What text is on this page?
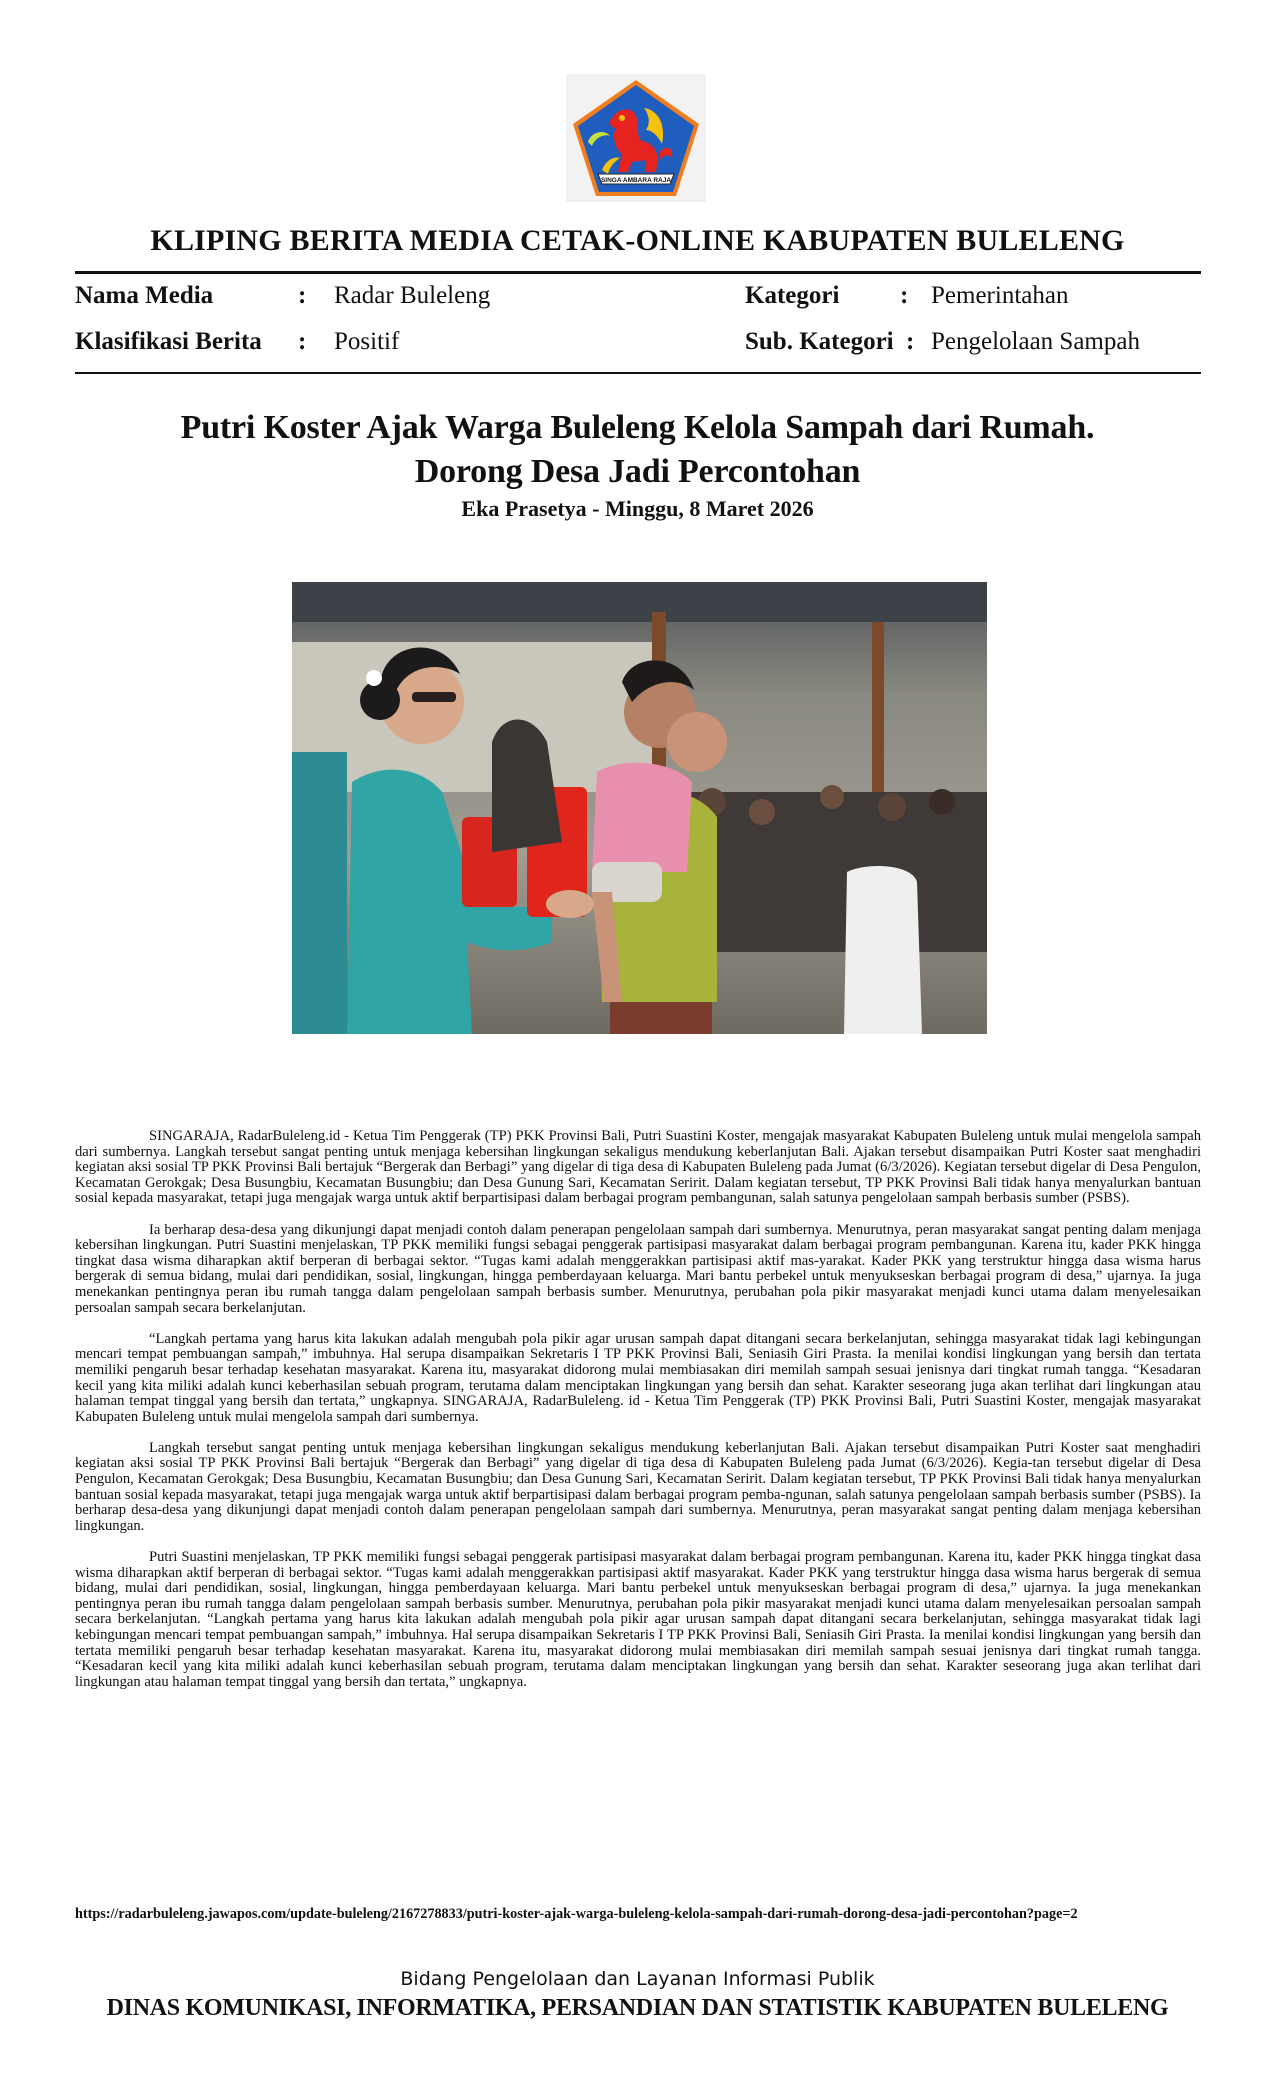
SINGA AMBARA RAJA
KLIPING BERITA MEDIA CETAK-ONLINE KABUPATEN BULELENG
Nama Media	: Radar Buleleng	Kategori : Pemerintahan
Klasifikasi Berita : Positif	Sub. Kategori : Pengelolaan Sampah
Putri Koster Ajak Warga Buleleng Kelola Sampah dari Rumah.
Dorong Desa Jadi Percontohan
Eka Prasetya - Minggu, 8 Maret 2026

SINGARAJA, RadarBuleleng.id - Ketua Tim Penggerak (TP) PKK Provinsi Bali, Putri Suastini Koster, mengajak masyarakat Kabupaten Buleleng untuk mulai mengelola sampah dari sumbernya. Langkah tersebut sangat penting untuk menjaga kebersihan lingkungan sekaligus mendukung keberlanjutan Bali. Ajakan tersebut disampaikan Putri Koster saat menghadiri kegiatan aksi sosial TP PKK Provinsi Bali bertajuk “Bergerak dan Berbagi” yang digelar di tiga desa di Kabupaten Buleleng pada Jumat (6/3/2026). Kegiatan tersebut digelar di Desa Pengulon, Kecamatan Gerokgak; Desa Busungbiu, Kecamatan Busungbiu; dan Desa Gunung Sari, Kecamatan Seririt. Dalam kegiatan tersebut, TP PKK Provinsi Bali tidak hanya menyalurkan bantuan sosial kepada masyarakat, tetapi juga mengajak warga untuk aktif berpartisipasi dalam berbagai program pembangunan, salah satunya pengelolaan sampah berbasis sumber (PSBS).

Ia berharap desa-desa yang dikunjungi dapat menjadi contoh dalam penerapan pengelolaan sampah dari sumbernya. Menurutnya, peran masyarakat sangat penting dalam menjaga kebersihan lingkungan. Putri Suastini menjelaskan, TP PKK memiliki fungsi sebagai penggerak partisipasi masyarakat dalam berbagai program pembangunan. Karena itu, kader PKK hingga tingkat dasa wisma diharapkan aktif berperan di berbagai sektor. “Tugas kami adalah menggerakkan partisipasi aktif mas-yarakat. Kader PKK yang terstruktur hingga dasa wisma harus bergerak di semua bidang, mulai dari pendidikan, sosial, lingkungan, hingga pemberdayaan keluarga. Mari bantu perbekel untuk menyukseskan berbagai program di desa,” ujarnya. Ia juga menekankan pentingnya peran ibu rumah tangga dalam pengelolaan sampah berbasis sumber. Menurutnya, perubahan pola pikir masyarakat menjadi kunci utama dalam menyelesaikan persoalan sampah secara berkelanjutan.

“Langkah pertama yang harus kita lakukan adalah mengubah pola pikir agar urusan sampah dapat ditangani secara berkelanjutan, sehingga masyarakat tidak lagi kebingungan mencari tempat pembuangan sampah,” imbuhnya. Hal serupa disampaikan Sekretaris I TP PKK Provinsi Bali, Seniasih Giri Prasta. Ia menilai kondisi lingkungan yang bersih dan tertata memiliki pengaruh besar terhadap kesehatan masyarakat. Karena itu, masyarakat didorong mulai membiasakan diri memilah sampah sesuai jenisnya dari tingkat rumah tangga. “Kesadaran kecil yang kita miliki adalah kunci keberhasilan sebuah program, terutama dalam menciptakan lingkungan yang bersih dan sehat. Karakter seseorang juga akan terlihat dari lingkungan atau halaman tempat tinggal yang bersih dan tertata,” ungkapnya. SINGARAJA, RadarBuleleng. id - Ketua Tim Penggerak (TP) PKK Provinsi Bali, Putri Suastini Koster, mengajak masyarakat Kabupaten Buleleng untuk mulai mengelola sampah dari sumbernya.

Langkah tersebut sangat penting untuk menjaga kebersihan lingkungan sekaligus mendukung keberlanjutan Bali. Ajakan tersebut disampaikan Putri Koster saat menghadiri kegiatan aksi sosial TP PKK Provinsi Bali bertajuk “Bergerak dan Berbagi” yang digelar di tiga desa di Kabupaten Buleleng pada Jumat (6/3/2026). Kegia-tan tersebut digelar di Desa Pengulon, Kecamatan Gerokgak; Desa Busungbiu, Kecamatan Busungbiu; dan Desa Gunung Sari, Kecamatan Seririt. Dalam kegiatan tersebut, TP PKK Provinsi Bali tidak hanya menyalurkan bantuan sosial kepada masyarakat, tetapi juga mengajak warga untuk aktif berpartisipasi dalam berbagai program pemba-ngunan, salah satunya pengelolaan sampah berbasis sumber (PSBS). Ia berharap desa-desa yang dikunjungi dapat menjadi contoh dalam penerapan pengelolaan sampah dari sumbernya. Menurutnya, peran masyarakat sangat penting dalam menjaga kebersihan lingkungan.

Putri Suastini menjelaskan, TP PKK memiliki fungsi sebagai penggerak partisipasi masyarakat dalam berbagai program pembangunan. Karena itu, kader PKK hingga tingkat dasa wisma diharapkan aktif berperan di berbagai sektor. “Tugas kami adalah menggerakkan partisipasi aktif masyarakat. Kader PKK yang terstruktur hingga dasa wisma harus bergerak di semua bidang, mulai dari pendidikan, sosial, lingkungan, hingga pemberdayaan keluarga. Mari bantu perbekel untuk menyukseskan berbagai program di desa,” ujarnya. Ia juga menekankan pentingnya peran ibu rumah tangga dalam pengelolaan sampah berbasis sumber. Menurutnya, perubahan pola pikir masyarakat menjadi kunci utama dalam menyelesaikan persoalan sampah secara berkelanjutan. “Langkah pertama yang harus kita lakukan adalah mengubah pola pikir agar urusan sampah dapat ditangani secara berkelanjutan, sehingga masyarakat tidak lagi kebingungan mencari tempat pembuangan sampah,” imbuhnya. Hal serupa disampaikan Sekretaris I TP PKK Provinsi Bali, Seniasih Giri Prasta. Ia menilai kondisi lingkungan yang bersih dan tertata memiliki pengaruh besar terhadap kesehatan masyarakat. Karena itu, masyarakat didorong mulai membiasakan diri memilah sampah sesuai jenisnya dari tingkat rumah tangga. “Kesadaran kecil yang kita miliki adalah kunci keberhasilan sebuah program, terutama dalam menciptakan lingkungan yang bersih dan sehat. Karakter seseorang juga akan terlihat dari lingkungan atau halaman tempat tinggal yang bersih dan tertata,” ungkapnya.

https://radarbuleleng.jawapos.com/update-buleleng/2167278833/putri-koster-ajak-warga-buleleng-kelola-sampah-dari-rumah-dorong-desa-jadi-percontohan?page=2
Bidang Pengelolaan dan Layanan Informasi Publik
DINAS KOMUNIKASI, INFORMATIKA, PERSANDIAN DAN STATISTIK KABUPATEN BULELENG
